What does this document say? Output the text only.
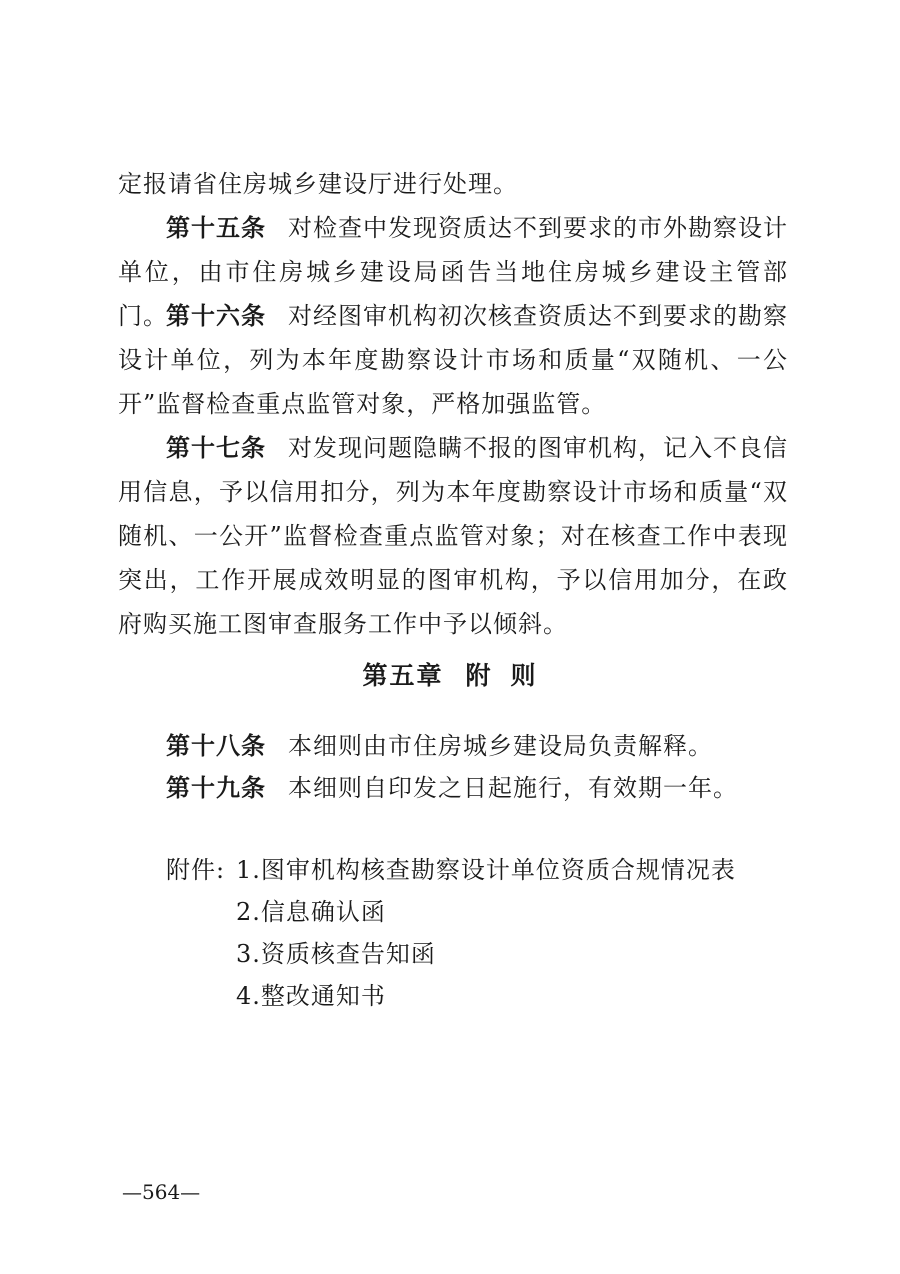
定报请省住房城乡建设厅进行处理。

第十五条 对检查中发现资质达不到要求的市外勘察设计单位，由市住房城乡建设局函告当地住房城乡建设主管部门。

第十六条 对经图审机构初次核查资质达不到要求的勘察设计单位，列为本年度勘察设计市场和质量“双随机、一公开”监督检查重点监管对象，严格加强监管。

第十七条 对发现问题隐瞒不报的图审机构，记入不良信用信息，予以信用扣分，列为本年度勘察设计市场和质量“双随机、一公开”监督检查重点监管对象；对在核查工作中表现突出，工作开展成效明显的图审机构，予以信用加分，在政府购买施工图审查服务工作中予以倾斜。

第五章 附 则
第十八条 本细则由市住房城乡建设局负责解释。
第十九条 本细则自印发之日起施行，有效期一年。
附件: 1.图审机构核查勘察设计单位资质合规情况表
2.信息确认函
3.资质核查告知函
4.整改通知书
—564—
